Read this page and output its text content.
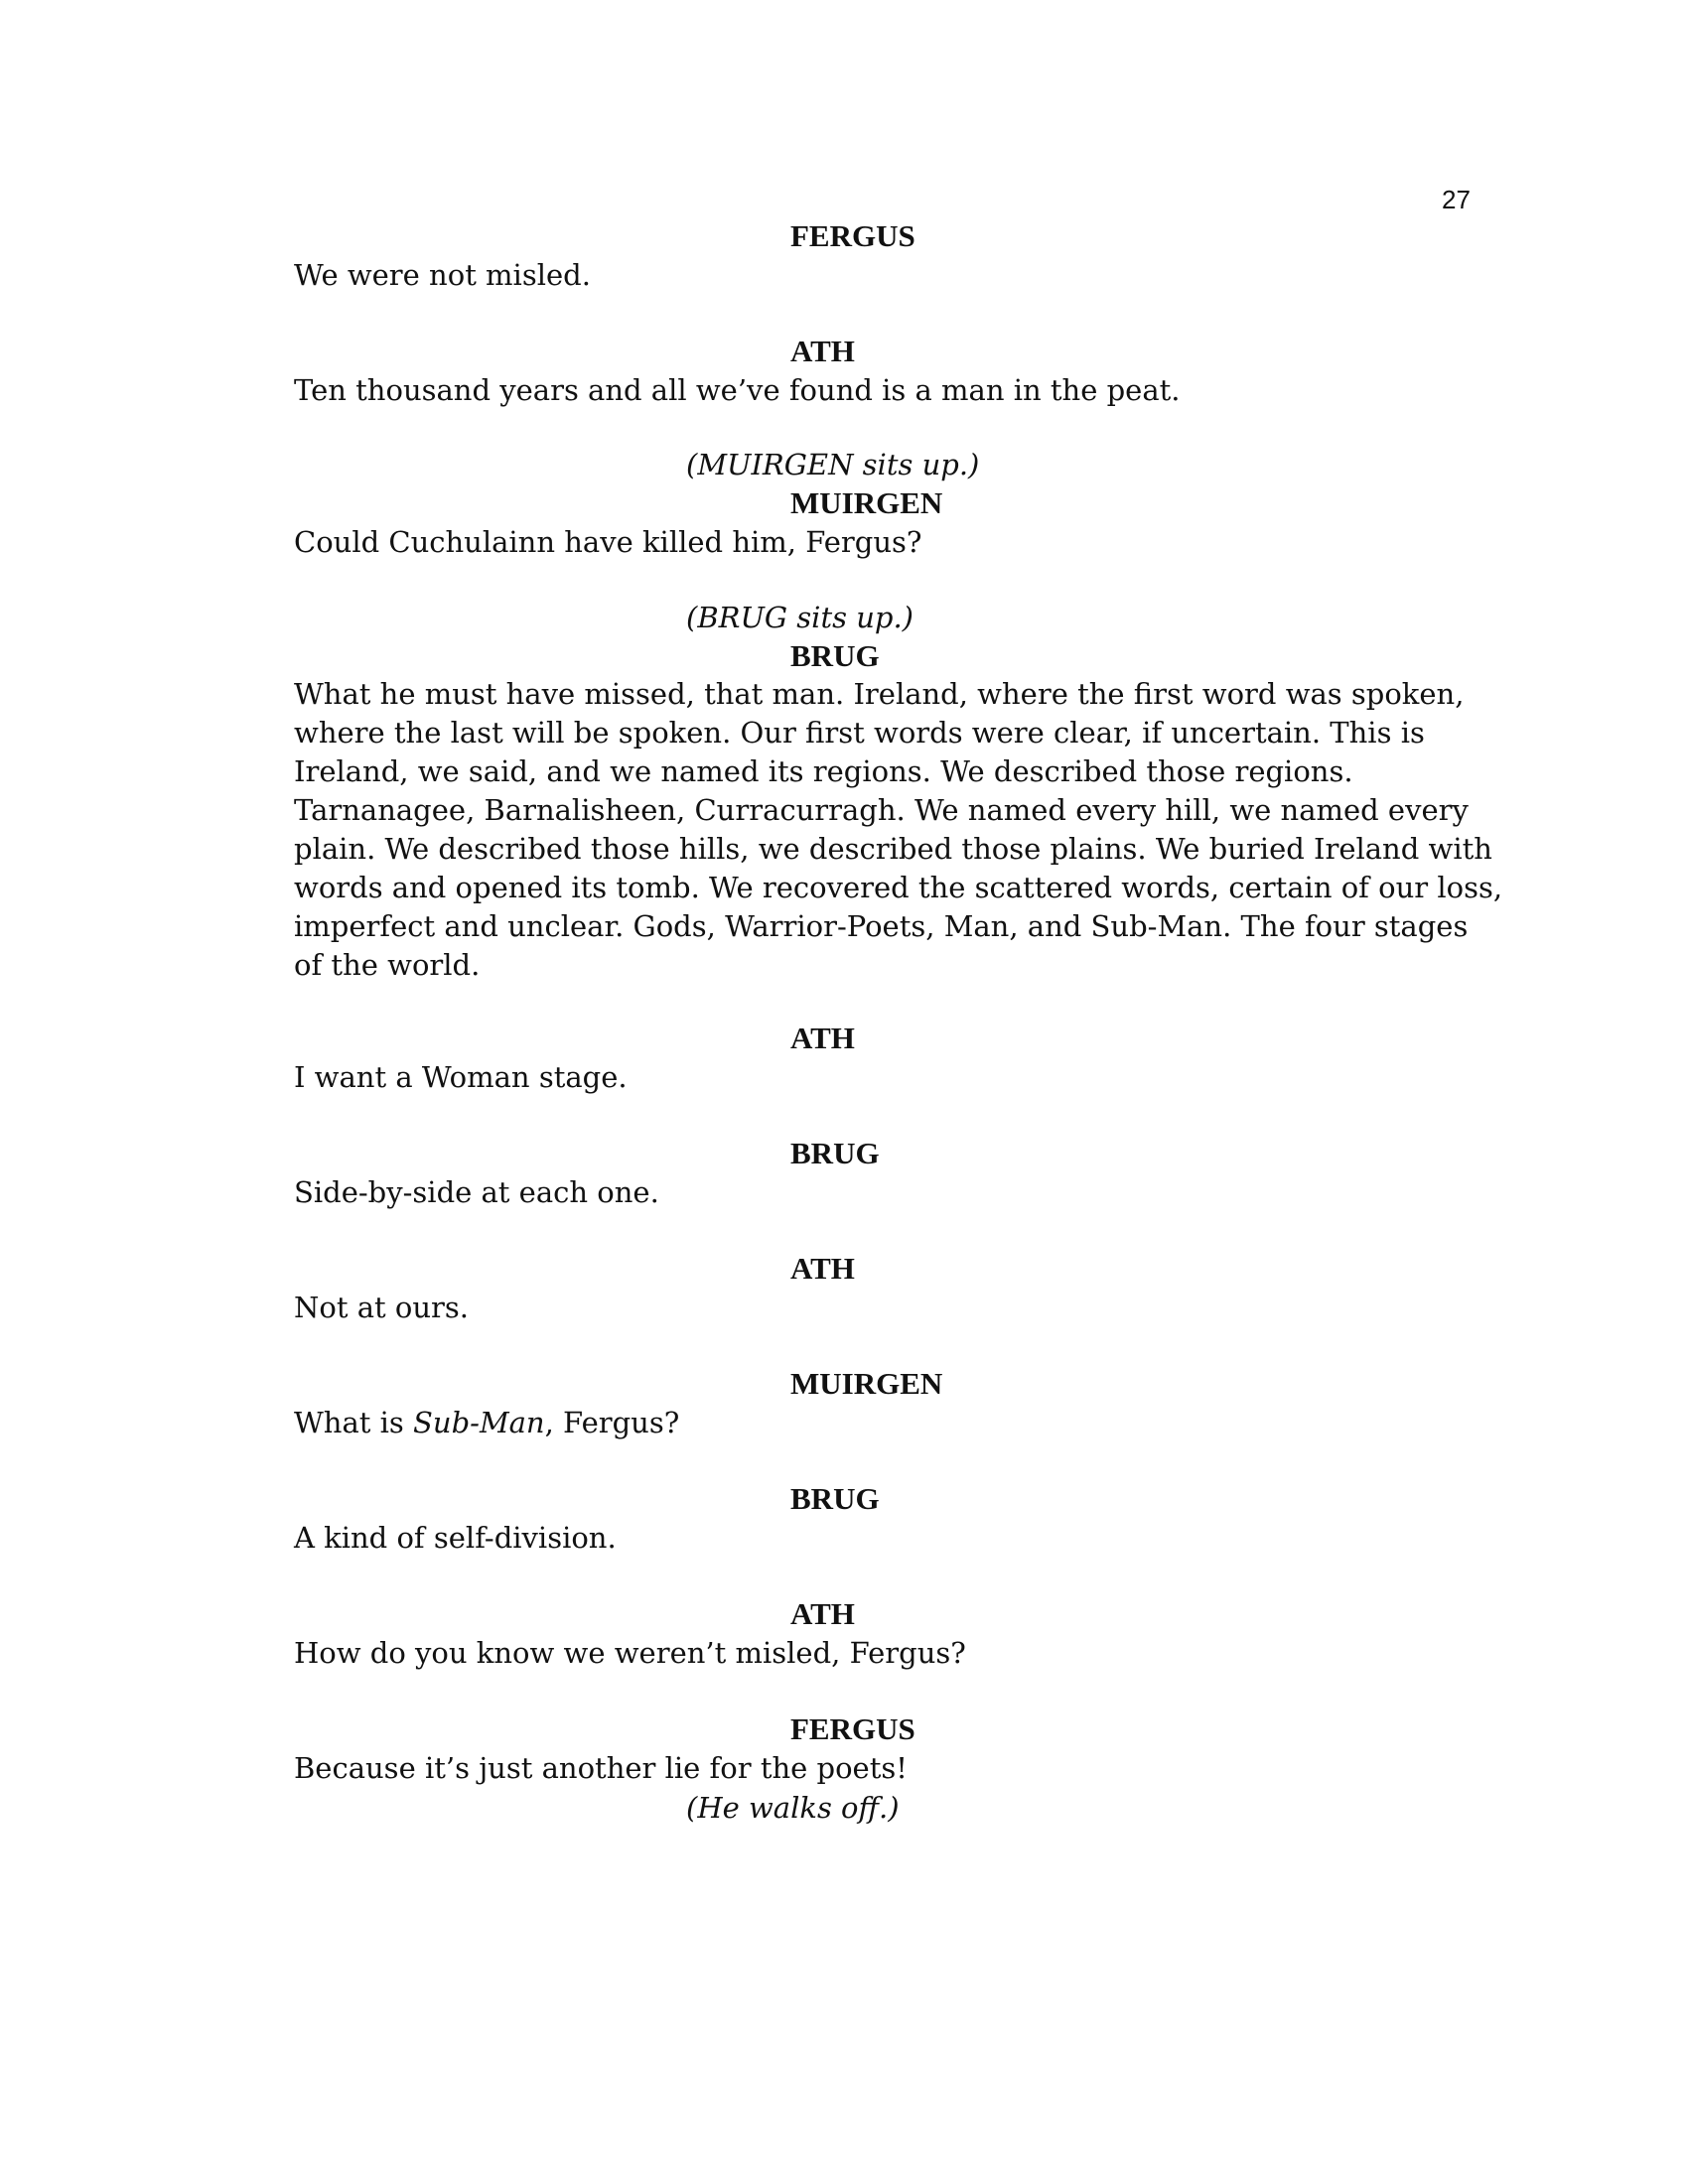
27
FERGUS
We were not misled.
ATH
Ten thousand years and all we’ve found is a man in the peat.
(MUIRGEN sits up.)
MUIRGEN
Could Cuchulainn have killed him, Fergus?
(BRUG sits up.)
BRUG
What he must have missed, that man. Ireland, where the first word was spoken,
where the last will be spoken. Our first words were clear, if uncertain. This is
Ireland, we said, and we named its regions. We described those regions.
Tarnanagee, Barnalisheen, Curracurragh. We named every hill, we named every
plain. We described those hills, we described those plains. We buried Ireland with
words and opened its tomb. We recovered the scattered words, certain of our loss,
imperfect and unclear. Gods, Warrior-Poets, Man, and Sub-Man. The four stages
of the world.
ATH
I want a Woman stage.
BRUG
Side-by-side at each one.
ATH
Not at ours.
MUIRGEN
What is Sub-Man, Fergus?
BRUG
A kind of self-division.
ATH
How do you know we weren’t misled, Fergus?
FERGUS
Because it’s just another lie for the poets!
(He walks off.)
